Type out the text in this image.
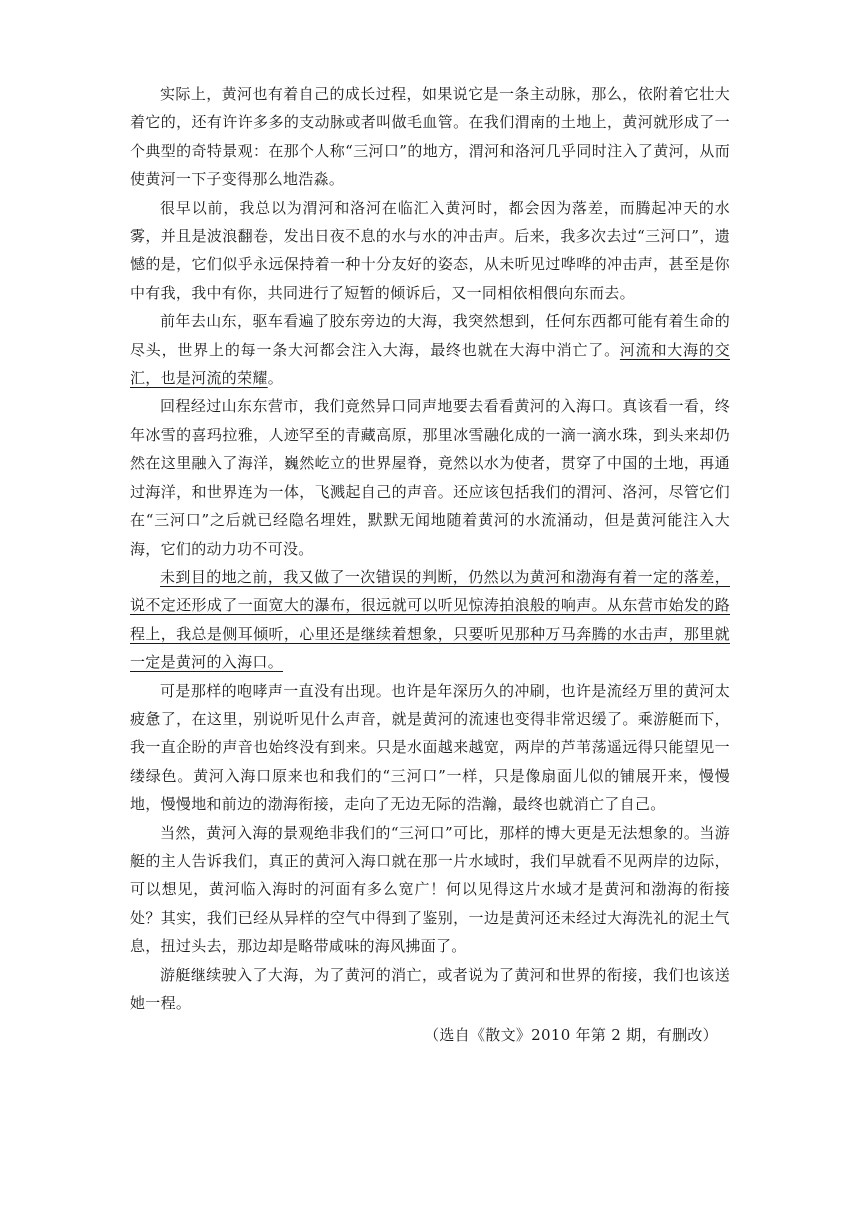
实际上，黄河也有着自己的成长过程，如果说它是一条主动脉，那么，依附着它壮大着它的，还有许许多多的支动脉或者叫做毛血管。在我们渭南的土地上，黄河就形成了一个典型的奇特景观：在那个人称“三河口”的地方，渭河和洛河几乎同时注入了黄河，从而使黄河一下子变得那么地浩淼。

很早以前，我总以为渭河和洛河在临汇入黄河时，都会因为落差，而腾起冲天的水雾，并且是波浪翻卷，发出日夜不息的水与水的冲击声。后来，我多次去过“三河口”，遗憾的是，它们似乎永远保持着一种十分友好的姿态，从未听见过哗哗的冲击声，甚至是你中有我，我中有你，共同进行了短暂的倾诉后，又一同相依相偎向东而去。

前年去山东，驱车看遍了胶东旁边的大海，我突然想到，任何东西都可能有着生命的尽头，世界上的每一条大河都会注入大海，最终也就在大海中消亡了。河流和大海的交汇，也是河流的荣耀。

回程经过山东东营市，我们竟然异口同声地要去看看黄河的入海口。真该看一看，终年冰雪的喜玛拉雅，人迹罕至的青藏高原，那里冰雪融化成的一滴一滴水珠，到头来却仍然在这里融入了海洋，巍然屹立的世界屋脊，竟然以水为使者，贯穿了中国的土地，再通过海洋，和世界连为一体，飞溅起自己的声音。还应该包括我们的渭河、洛河，尽管它们在“三河口”之后就已经隐名埋姓，默默无闻地随着黄河的水流涌动，但是黄河能注入大海，它们的动力功不可没。

未到目的地之前，我又做了一次错误的判断，仍然以为黄河和渤海有着一定的落差，说不定还形成了一面宽大的瀑布，很远就可以听见惊涛拍浪般的响声。从东营市始发的路程上，我总是侧耳倾听，心里还是继续着想象，只要听见那种万马奔腾的水击声，那里就一定是黄河的入海口。

可是那样的咆哮声一直没有出现。也许是年深历久的冲刷，也许是流经万里的黄河太疲惫了，在这里，别说听见什么声音，就是黄河的流速也变得非常迟缓了。乘游艇而下，我一直企盼的声音也始终没有到来。只是水面越来越宽，两岸的芦苇荡遥远得只能望见一缕绿色。黄河入海口原来也和我们的“三河口”一样，只是像扇面儿似的铺展开来，慢慢地，慢慢地和前边的渤海衔接，走向了无边无际的浩瀚，最终也就消亡了自己。

当然，黄河入海的景观绝非我们的“三河口”可比，那样的博大更是无法想象的。当游艇的主人告诉我们，真正的黄河入海口就在那一片水域时，我们早就看不见两岸的边际，可以想见，黄河临入海时的河面有多么宽广！何以见得这片水域才是黄河和渤海的衔接处？其实，我们已经从异样的空气中得到了鉴别，一边是黄河还未经过大海洗礼的泥土气息，扭过头去，那边却是略带咸味的海风拂面了。

游艇继续驶入了大海，为了黄河的消亡，或者说为了黄河和世界的衔接，我们也该送她一程。

（选自《散文》2010 年第 2 期，有删改）
